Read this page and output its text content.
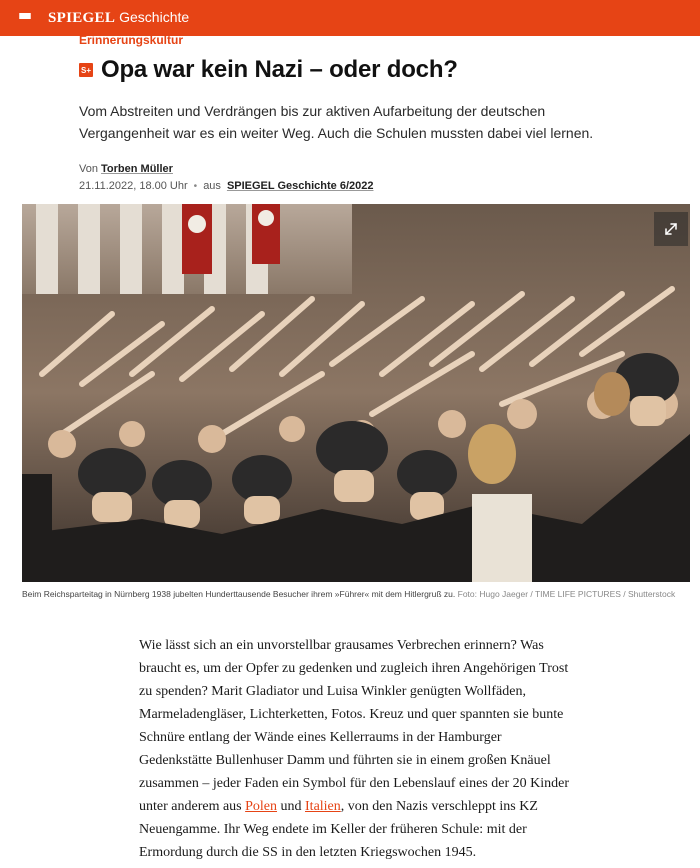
SPIEGEL Geschichte
Erinnerungskultur
S+ Opa war kein Nazi – oder doch?

Vom Abstreiten und Verdrängen bis zur aktiven Aufarbeitung der deutschen Vergangenheit war es ein weiter Weg. Auch die Schulen mussten dabei viel lernen.

Von Torben Müller
21.11.2022, 18.00 Uhr • aus SPIEGEL Geschichte 6/2022
Beim Reichsparteitag in Nürnberg 1938 jubelten Hunderttausende Besucher ihrem »Führer« mit dem Hitlergruß zu. Foto: Hugo Jaeger / TIME LIFE PICTURES / Shutterstock

Wie lässt sich an ein unvorstellbar grausames Verbrechen erinnern? Was braucht es, um der Opfer zu gedenken und zugleich ihren Angehörigen Trost zu spenden? Marit Gladiator und Luisa Winkler genügten Wollfäden, Marmeladengläser, Lichterketten, Fotos. Kreuz und quer spannten sie bunte Schnüre entlang der Wände eines Kellerraums in der Hamburger Gedenkstätte Bullenhuser Damm und führten sie in einem großen Knäuel zusammen – jeder Faden ein Symbol für den Lebenslauf eines der 20 Kinder unter anderem aus Polen und Italien, von den Nazis verschleppt ins KZ Neuengamme. Ihr Weg endete im Keller der früheren Schule: mit der Ermordung durch die SS in den letzten Kriegswochen 1945.
